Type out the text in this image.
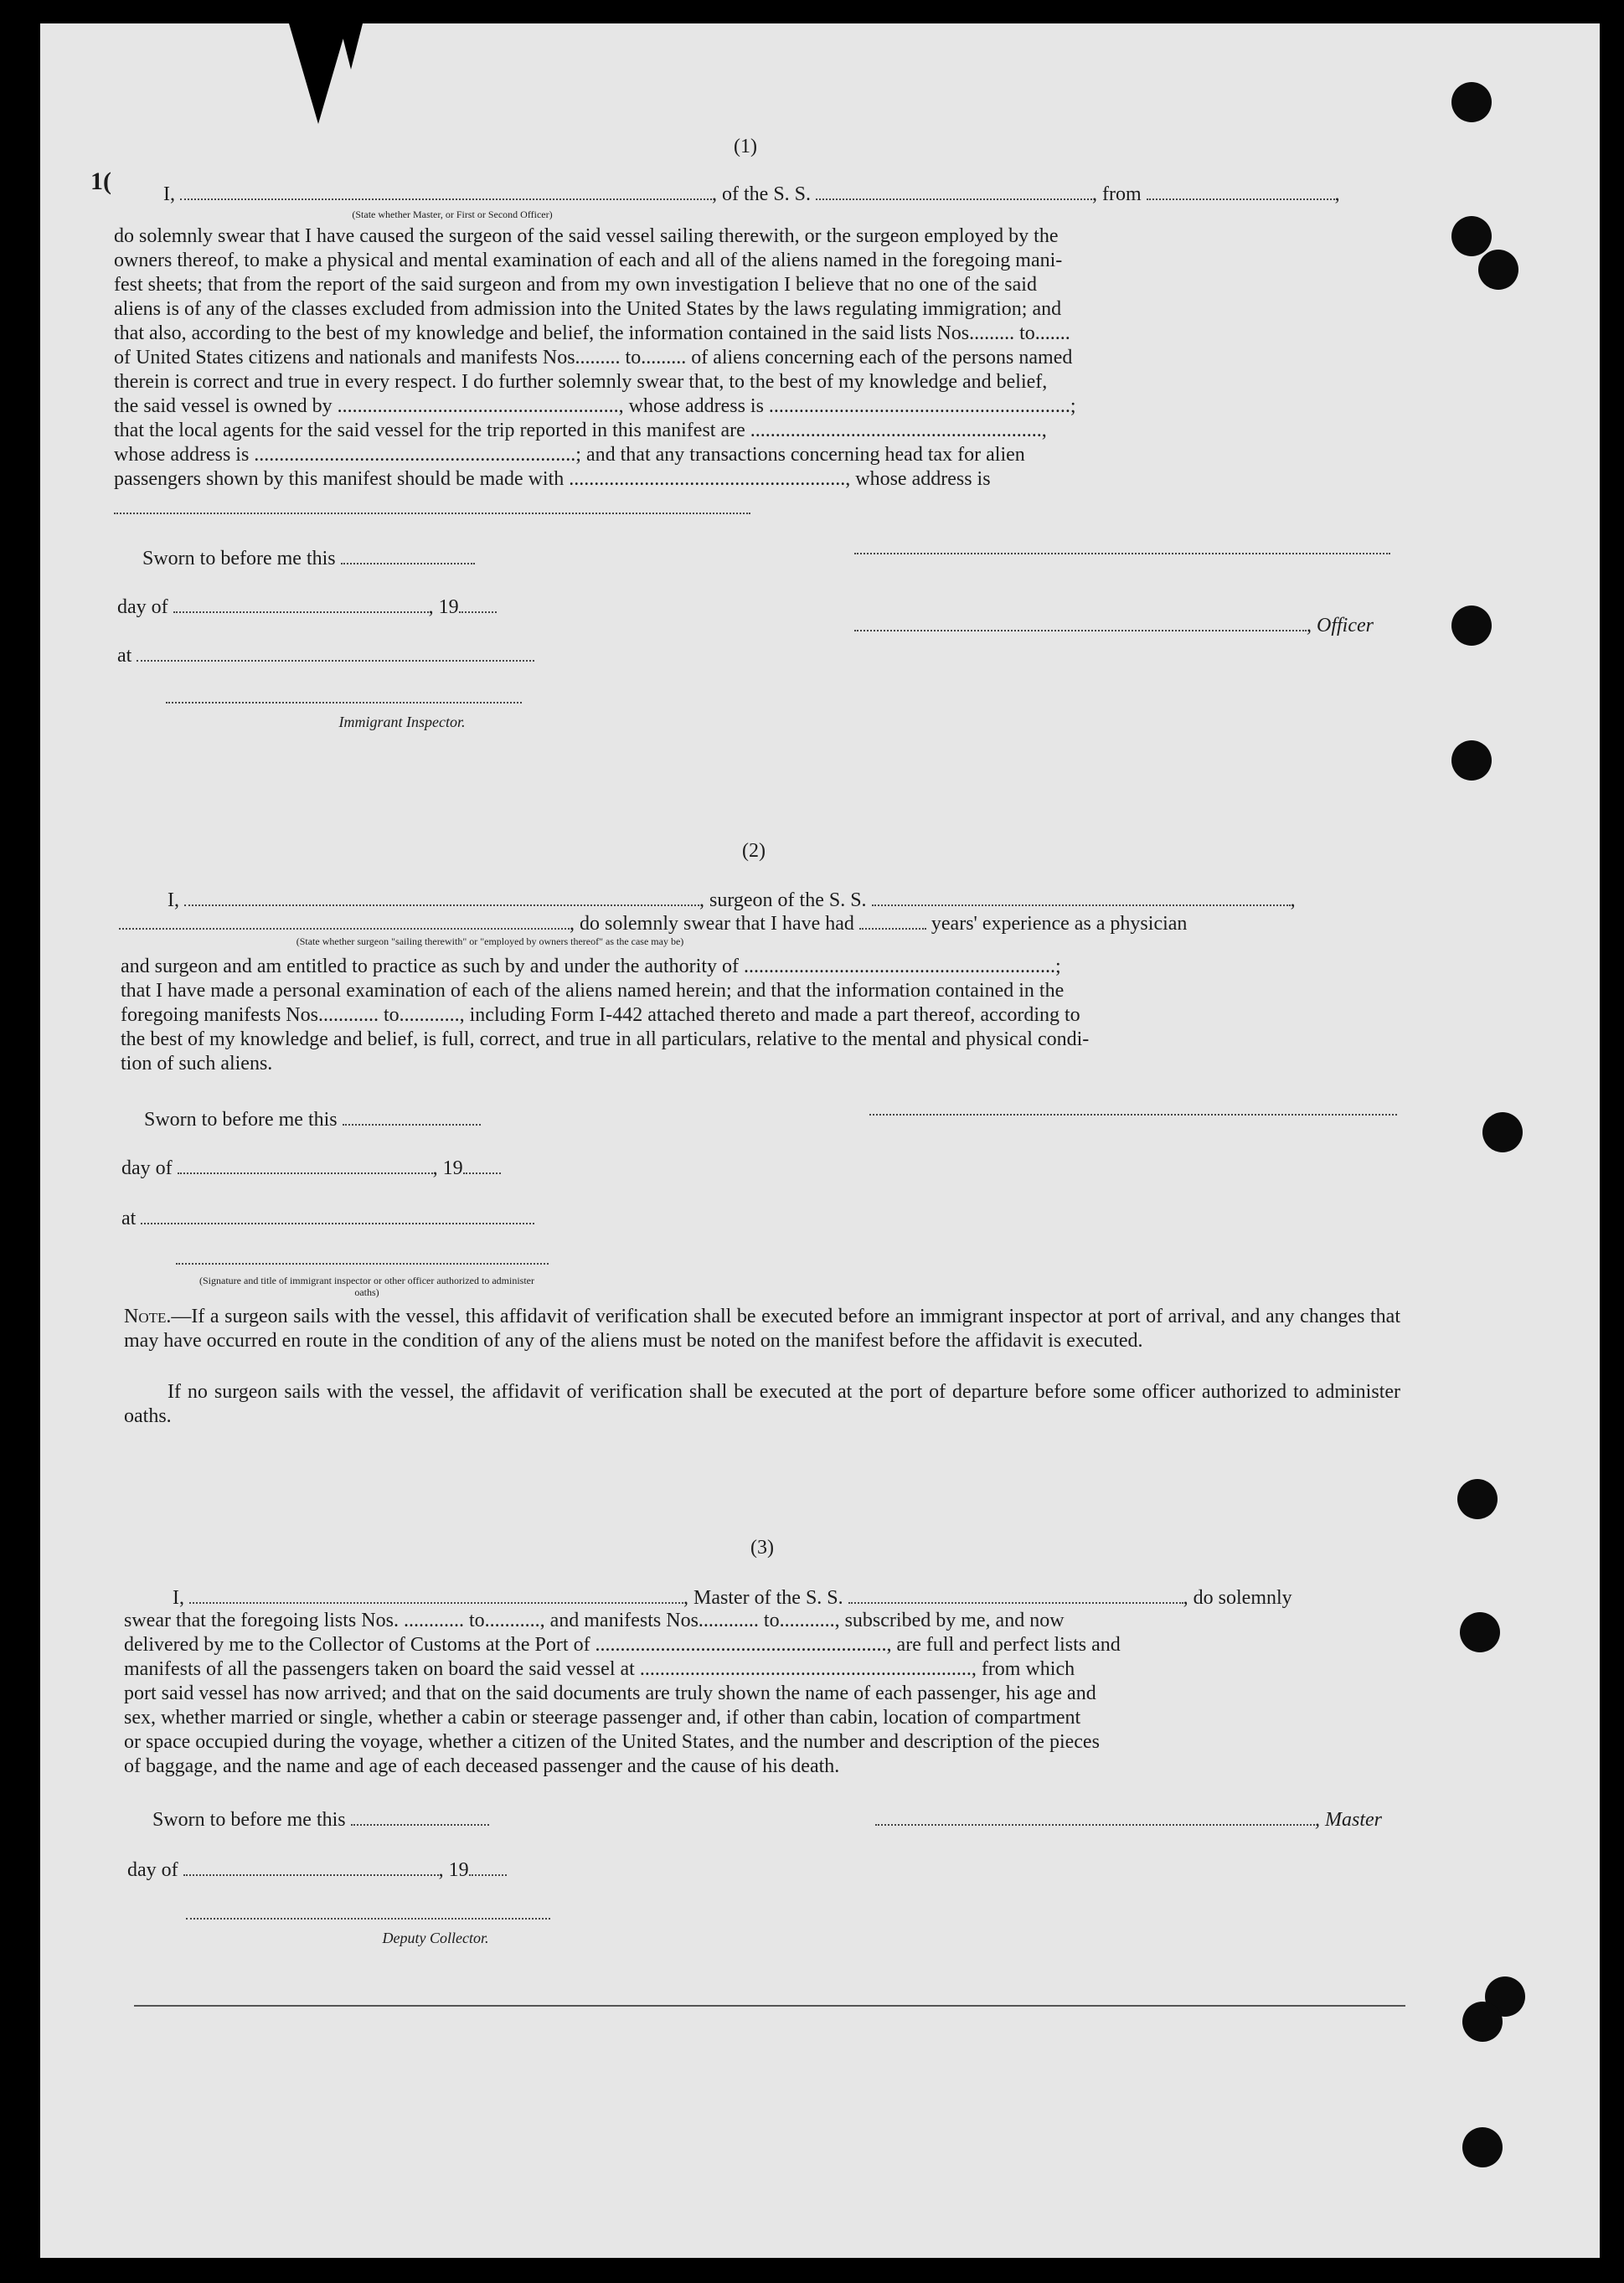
1(
(1)
I,	, of the S. S.	, from	,
(State whether Master, or First or Second Officer)
do solemnly swear that I have caused the surgeon of the said vessel sailing therewith, or the surgeon employed by the
owners thereof, to make a physical and mental examination of each and all of the aliens named in the foregoing mani-
fest sheets; that from the report of the said surgeon and from my own investigation I believe that no one of the said
aliens is of any of the classes excluded from admission into the United States by the laws regulating immigration; and
that also, according to the best of my knowledge and belief, the information contained in the said lists Nos......... to.......
of United States citizens and nationals and manifests Nos......... to......... of aliens concerning each of the persons named
therein is correct and true in every respect. I do further solemnly swear that, to the best of my knowledge and belief,
the said vessel is owned by ........................................................, whose address is ............................................................;
that the local agents for the said vessel for the trip reported in this manifest are ..........................................................,
whose address is ................................................................; and that any transactions concerning head tax for alien
passengers shown by this manifest should be made with ......................................................., whose address is
Sworn to before me this
day of	, 19
, Officer
at
Immigrant Inspector.
(2)
I,	, surgeon of the S. S.	,
, do solemnly swear that I have had	years' experience as a physician
(State whether surgeon "sailing therewith" or "employed by owners thereof" as the case may be)
and surgeon and am entitled to practice as such by and under the authority of ..............................................................;
that I have made a personal examination of each of the aliens named herein; and that the information contained in the
foregoing manifests Nos............ to............, including Form I-442 attached thereto and made a part thereof, according to
the best of my knowledge and belief, is full, correct, and true in all particulars, relative to the mental and physical condi-
tion of such aliens.
Sworn to before me this
day of	, 19
at
(Signature and title of immigrant inspector or other officer authorized to administer oaths)
Note.—If a surgeon sails with the vessel, this affidavit of verification shall be executed before an immigrant inspector at port of arrival, and any changes that may have occurred en route in the condition of any of the aliens must be noted on the manifest before the affidavit is executed.
If no surgeon sails with the vessel, the affidavit of verification shall be executed at the port of departure before some officer authorized to administer oaths.
(3)
I,	, Master of the S. S.	, do solemnly
swear that the foregoing lists Nos. ............ to..........., and manifests Nos............ to..........., subscribed by me, and now
delivered by me to the Collector of Customs at the Port of .........................................................., are full and perfect lists and
manifests of all the passengers taken on board the said vessel at .................................................................., from which
port said vessel has now arrived; and that on the said documents are truly shown the name of each passenger, his age and
sex, whether married or single, whether a cabin or steerage passenger and, if other than cabin, location of compartment
or space occupied during the voyage, whether a citizen of the United States, and the number and description of the pieces
of baggage, and the name and age of each deceased passenger and the cause of his death.
Sworn to before me this	, Master
day of	, 19
Deputy Collector.
